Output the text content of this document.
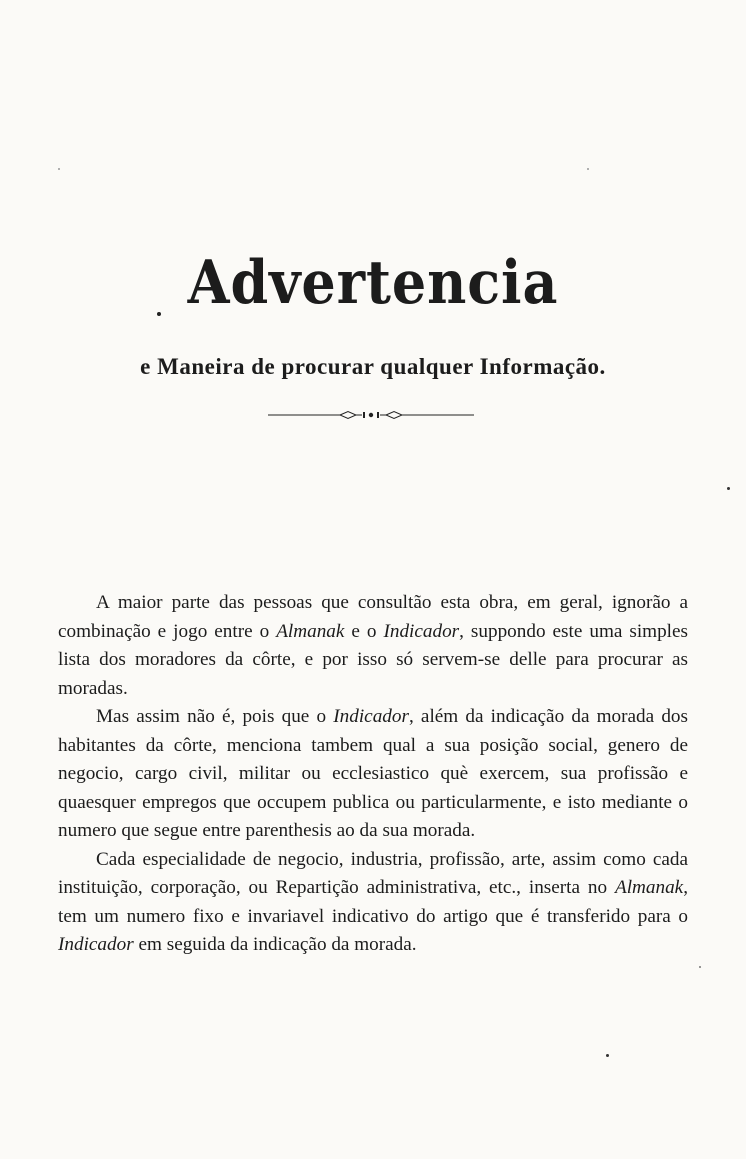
Advertencia
e Maneira de procurar qualquer Informação.

A maior parte das pessoas que consultão esta obra, em geral, ignorão a combinação e jogo entre o Almanak e o Indicador, suppondo este uma simples lista dos moradores da côrte, e por isso só servem-se delle para procurar as moradas.

Mas assim não é, pois que o Indicador, além da indicação da morada dos habitantes da côrte, menciona tambem qual a sua posição social, genero de negocio, cargo civil, militar ou ecclesiastico què exercem, sua profissão e quaesquer empregos que occupem publica ou particularmente, e isto mediante o numero que segue entre parenthesis ao da sua morada.

Cada especialidade de negocio, industria, profissão, arte, assim como cada instituição, corporação, ou Repartição administrativa, etc., inserta no Almanak, tem um numero fixo e invariavel indicativo do artigo que é transferido para o Indicador em seguida da indicação da morada.
